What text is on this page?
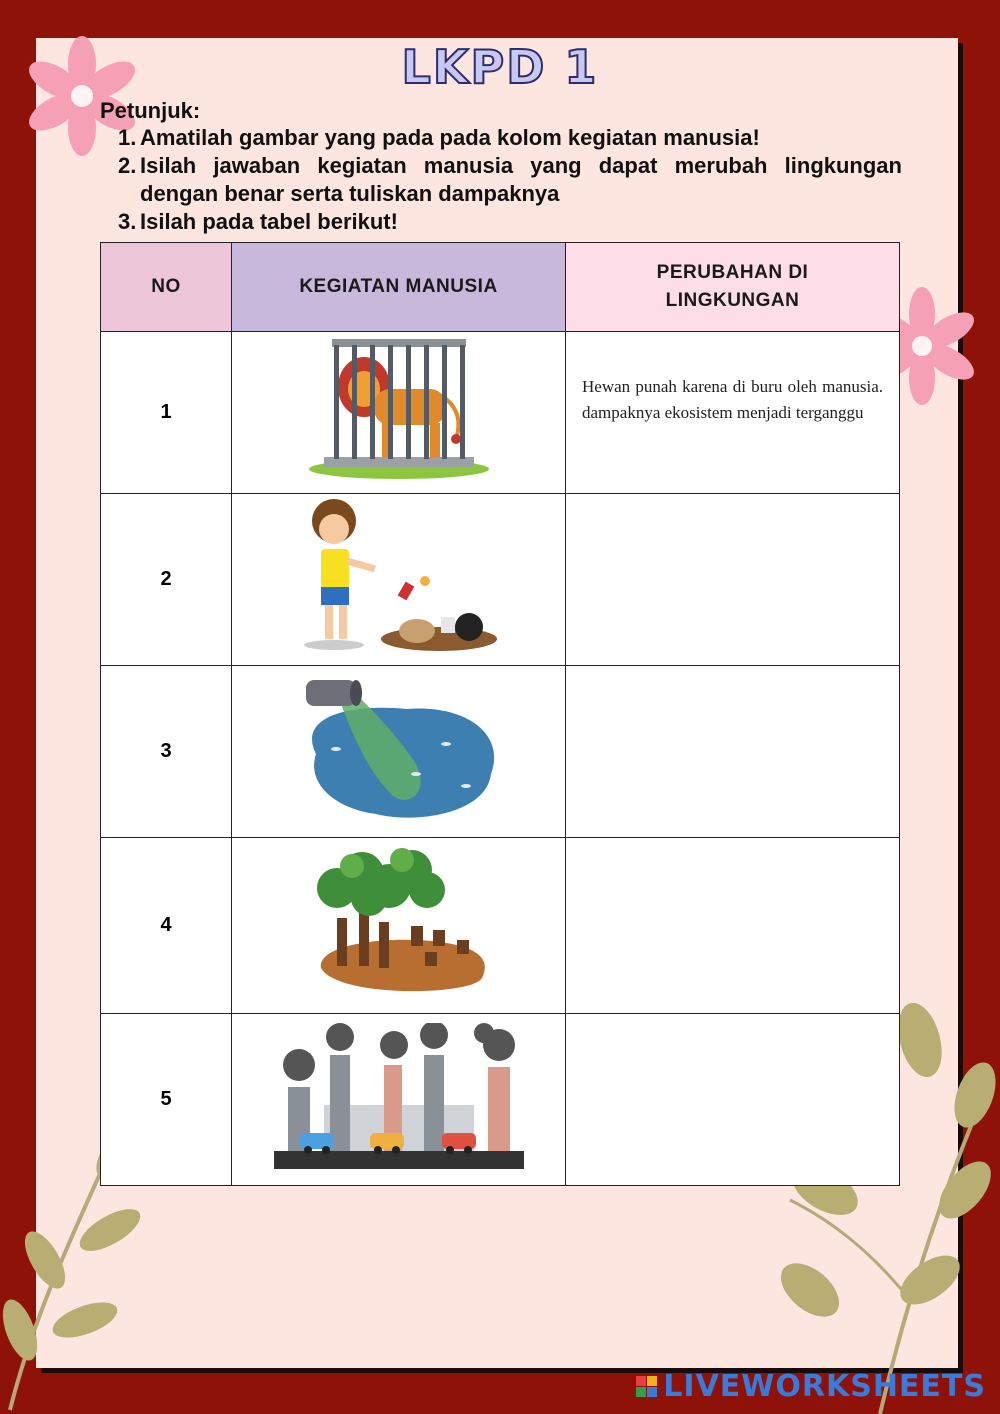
LKPD 1
Petunjuk:
1. Amatilah gambar yang pada pada kolom kegiatan manusia!
2. Isilah jawaban kegiatan manusia yang dapat merubah lingkungan dengan benar serta tuliskan dampaknya
3. Isilah pada tabel berikut!
NO	KEGIATAN MANUSIA	PERUBAHAN DI LINGKUNGAN

1		Hewan punah karena di buru oleh manusia. dampaknya ekosistem menjadi terganggu
2		
3		
4		
5		
LIVEWORKSHEETS
